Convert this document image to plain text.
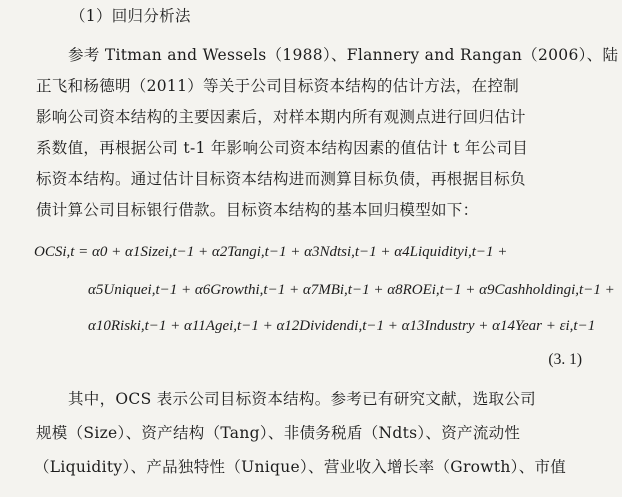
（1）回归分析法
参考 Titman and Wessels（1988）、Flannery and Rangan（2006）、陆
正飞和杨德明（2011）等关于公司目标资本结构的估计方法，在控制
影响公司资本结构的主要因素后，对样本期内所有观测点进行回归估计
系数值，再根据公司 t-1 年影响公司资本结构因素的值估计 t 年公司目
标资本结构。通过估计目标资本结构进而测算目标负债，再根据目标负
债计算公司目标银行借款。目标资本结构的基本回归模型如下：
OCSi,t = α0 + α1Sizei,t−1 + α2Tangi,t−1 + α3Ndtsi,t−1 + α4Liquidityi,t−1 +
α5Uniquei,t−1 + α6Growthi,t−1 + α7MBi,t−1 + α8ROEi,t−1 + α9Cashholdingi,t−1 +
α10Riski,t−1 + α11Agei,t−1 + α12Dividendi,t−1 + α13Industry + α14Year + εi,t−1
(3. 1)
其中，OCS 表示公司目标资本结构。参考已有研究文献，选取公司
规模（Size）、资产结构（Tang）、非债务税盾（Ndts）、资产流动性
（Liquidity）、产品独特性（Unique）、营业收入增长率（Growth）、市值
